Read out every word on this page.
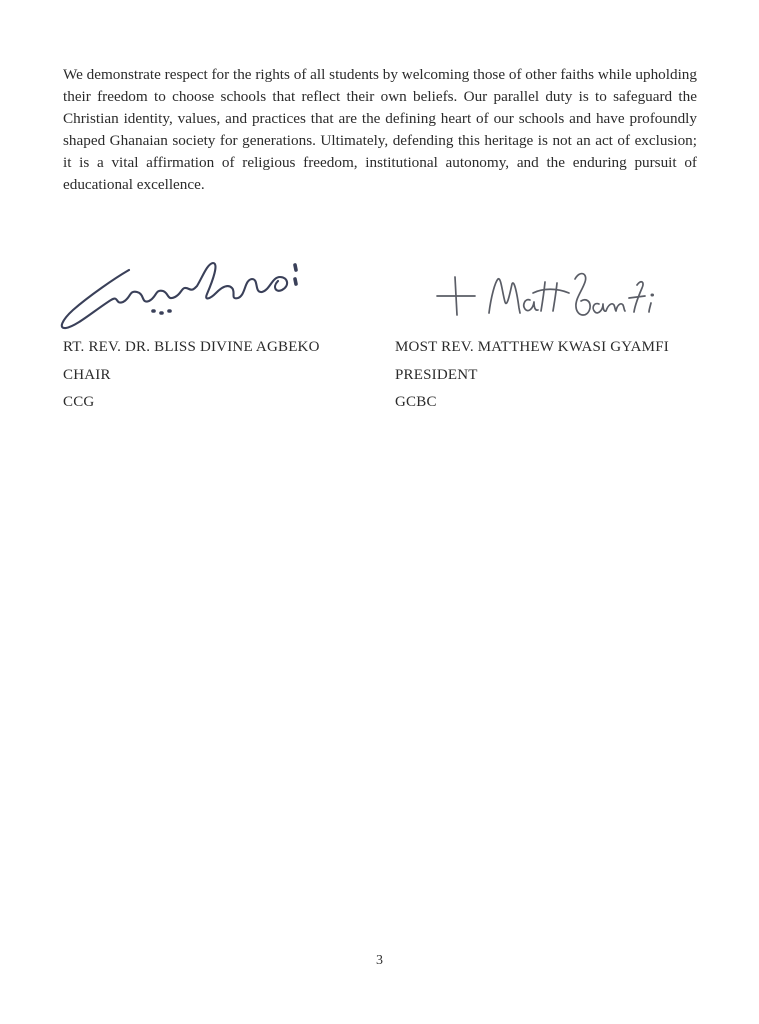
We demonstrate respect for the rights of all students by welcoming those of other faiths while upholding their freedom to choose schools that reflect their own beliefs. Our parallel duty is to safeguard the Christian identity, values, and practices that are the defining heart of our schools and have profoundly shaped Ghanaian society for generations. Ultimately, defending this heritage is not an act of exclusion; it is a vital affirmation of religious freedom, institutional autonomy, and the enduring pursuit of educational excellence.

RT. REV. DR. BLISS DIVINE AGBEKO
CHAIR
CCG
MOST REV. MATTHEW KWASI GYAMFI
PRESIDENT
GCBC
3
